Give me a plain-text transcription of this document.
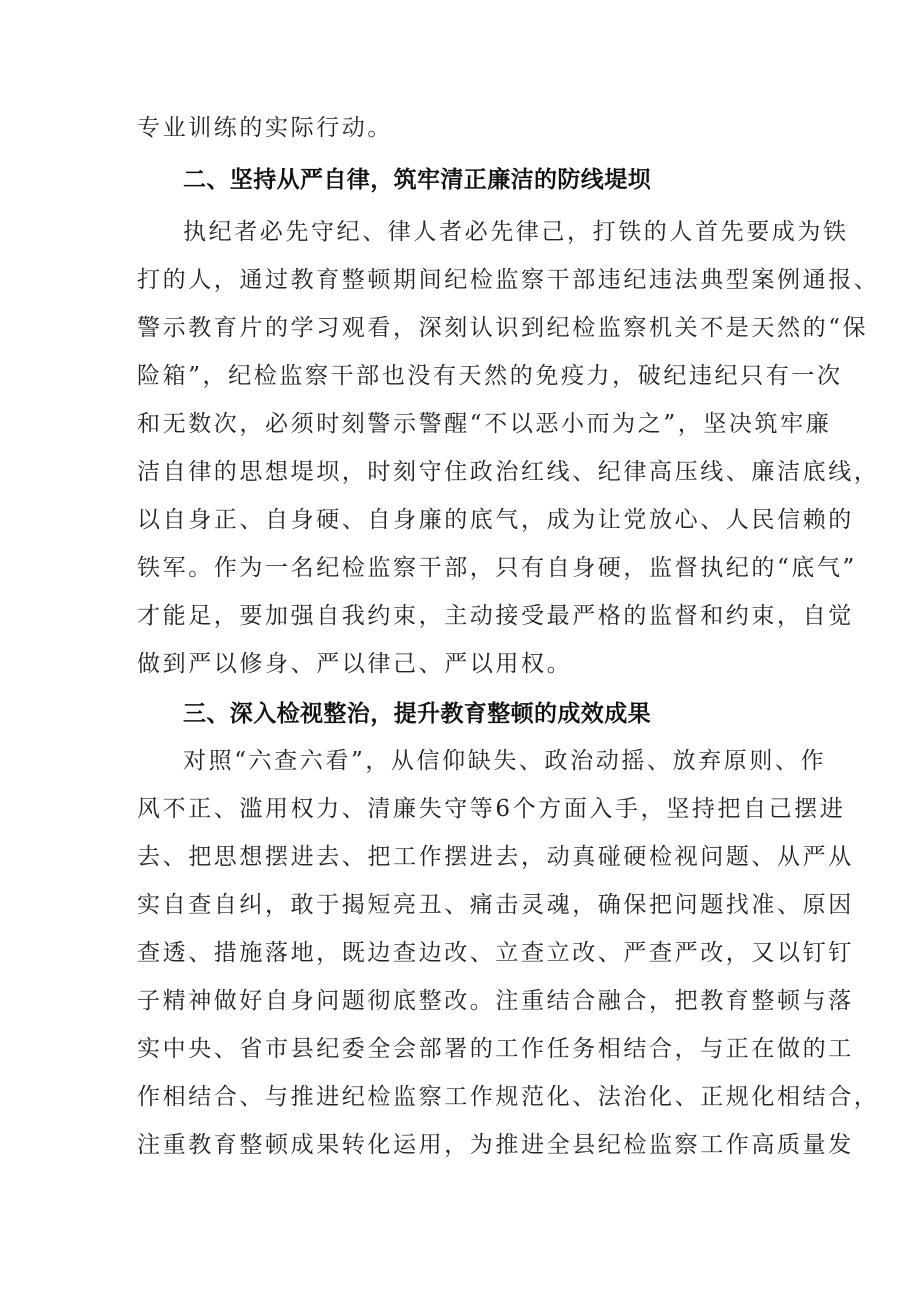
专业训练的实际行动。
二、坚持从严自律，筑牢清正廉洁的防线堤坝
执纪者必先守纪、律人者必先律己，打铁的人首先要成为铁
打的人，通过教育整顿期间纪检监察干部违纪违法典型案例通报、
警示教育片的学习观看，深刻认识到纪检监察机关不是天然的“保
险箱”，纪检监察干部也没有天然的免疫力，破纪违纪只有一次
和无数次，必须时刻警示警醒“不以恶小而为之”，坚决筑牢廉
洁自律的思想堤坝，时刻守住政治红线、纪律高压线、廉洁底线，
以自身正、自身硬、自身廉的底气，成为让党放心、人民信赖的
铁军。作为一名纪检监察干部，只有自身硬，监督执纪的“底气”
才能足，要加强自我约束，主动接受最严格的监督和约束，自觉
做到严以修身、严以律己、严以用权。
三、深入检视整治，提升教育整顿的成效成果
对照“六查六看”，从信仰缺失、政治动摇、放弃原则、作
风不正、滥用权力、清廉失守等6个方面入手，坚持把自己摆进
去、把思想摆进去、把工作摆进去，动真碰硬检视问题、从严从
实自查自纠，敢于揭短亮丑、痛击灵魂，确保把问题找准、原因
查透、措施落地，既边查边改、立查立改、严查严改，又以钉钉
子精神做好自身问题彻底整改。注重结合融合，把教育整顿与落
实中央、省市县纪委全会部署的工作任务相结合，与正在做的工
作相结合、与推进纪检监察工作规范化、法治化、正规化相结合，
注重教育整顿成果转化运用，为推进全县纪检监察工作高质量发
